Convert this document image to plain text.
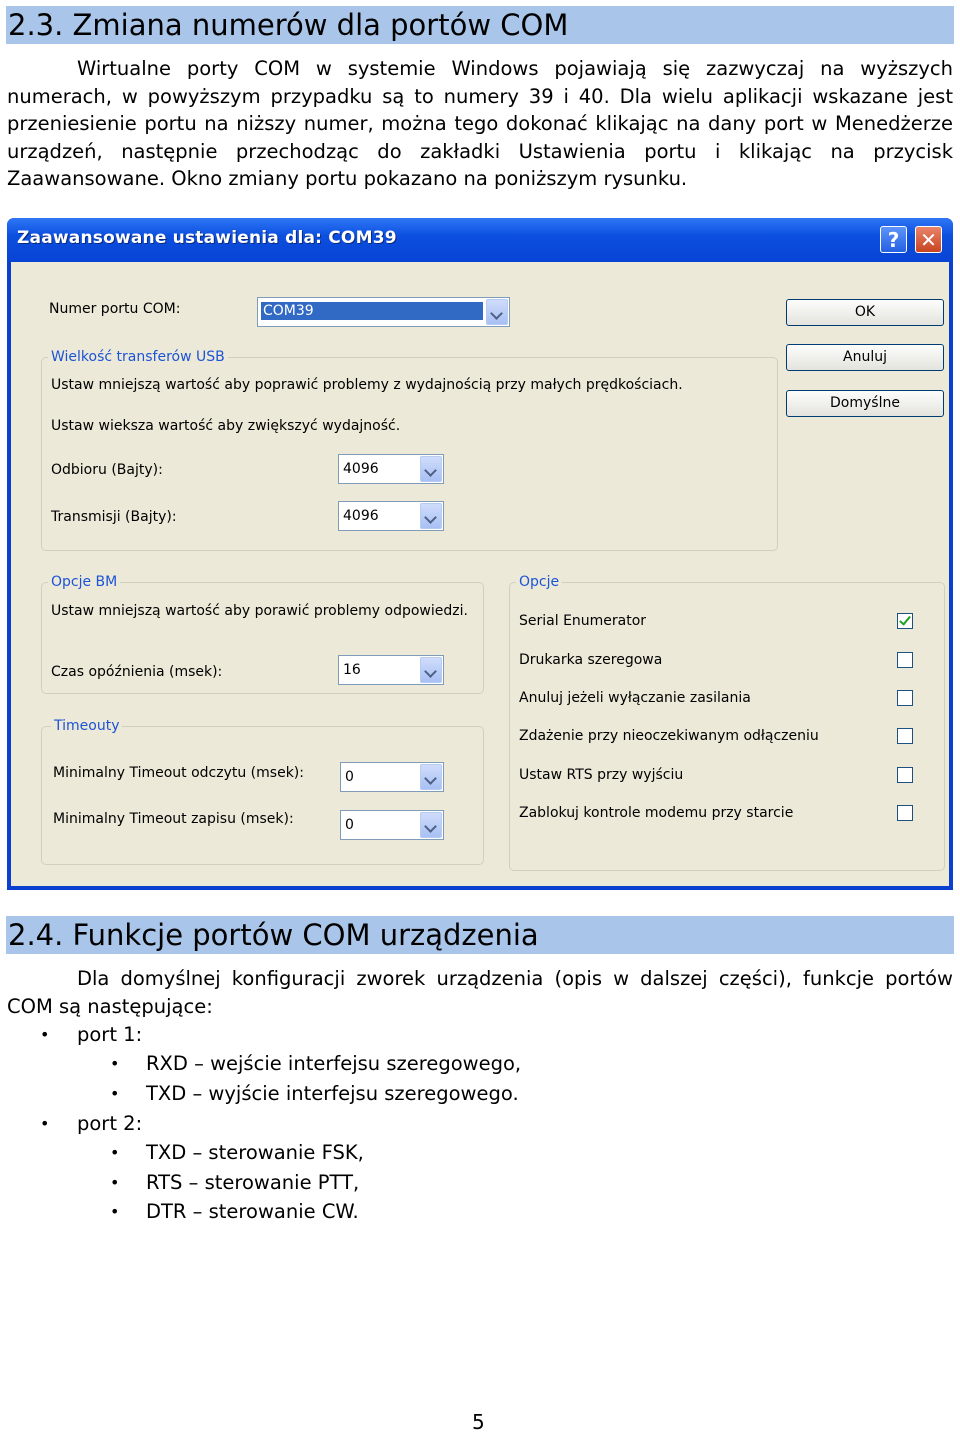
2.3. Zmiana numerów dla portów COM
Wirtualne porty COM w systemie Windows pojawiają się zazwyczaj na wyższych numerach, w powyższym przypadku są to numery 39 i 40. Dla wielu aplikacji wskazane jest przeniesienie portu na niższy numer, można tego dokonać klikając na dany port w Menedżerze urządzeń, następnie przechodząc do zakładki Ustawienia portu i klikając na przycisk Zaawansowane. Okno zmiany portu pokazano na poniższym rysunku.
Zaawansowane ustawienia dla: COM39	?	✕
Numer portu COM:	COM39	OK
Anuluj
Domyślne
Wielkość transferów USB
Ustaw mniejszą wartość aby poprawić problemy z wydajnością przy małych prędkościach.
Ustaw wieksza wartość aby zwiększyć wydajność.
Odbioru (Bajty):	4096
Transmisji (Bajty):	4096
Opcje BM
Ustaw mniejszą wartość aby porawić problemy odpowiedzi.
Czas opóźnienia (msek):	16
Timeouty
Minimalny Timeout odczytu (msek):	0
Minimalny Timeout zapisu (msek):	0
Opcje
Serial Enumerator
Drukarka szeregowa
Anuluj jeżeli wyłączanie zasilania
Zdażenie przy nieoczekiwanym odłączeniu
Ustaw RTS przy wyjściu
Zablokuj kontrole modemu przy starcie
2.4. Funkcje portów COM urządzenia
Dla domyślnej konfiguracji zworek urządzenia (opis w dalszej części), funkcje portów COM są następujące:
• port 1:
• RXD – wejście interfejsu szeregowego,
• TXD – wyjście interfejsu szeregowego.
• port 2:
• TXD – sterowanie FSK,
• RTS – sterowanie PTT,
• DTR – sterowanie CW.
5
